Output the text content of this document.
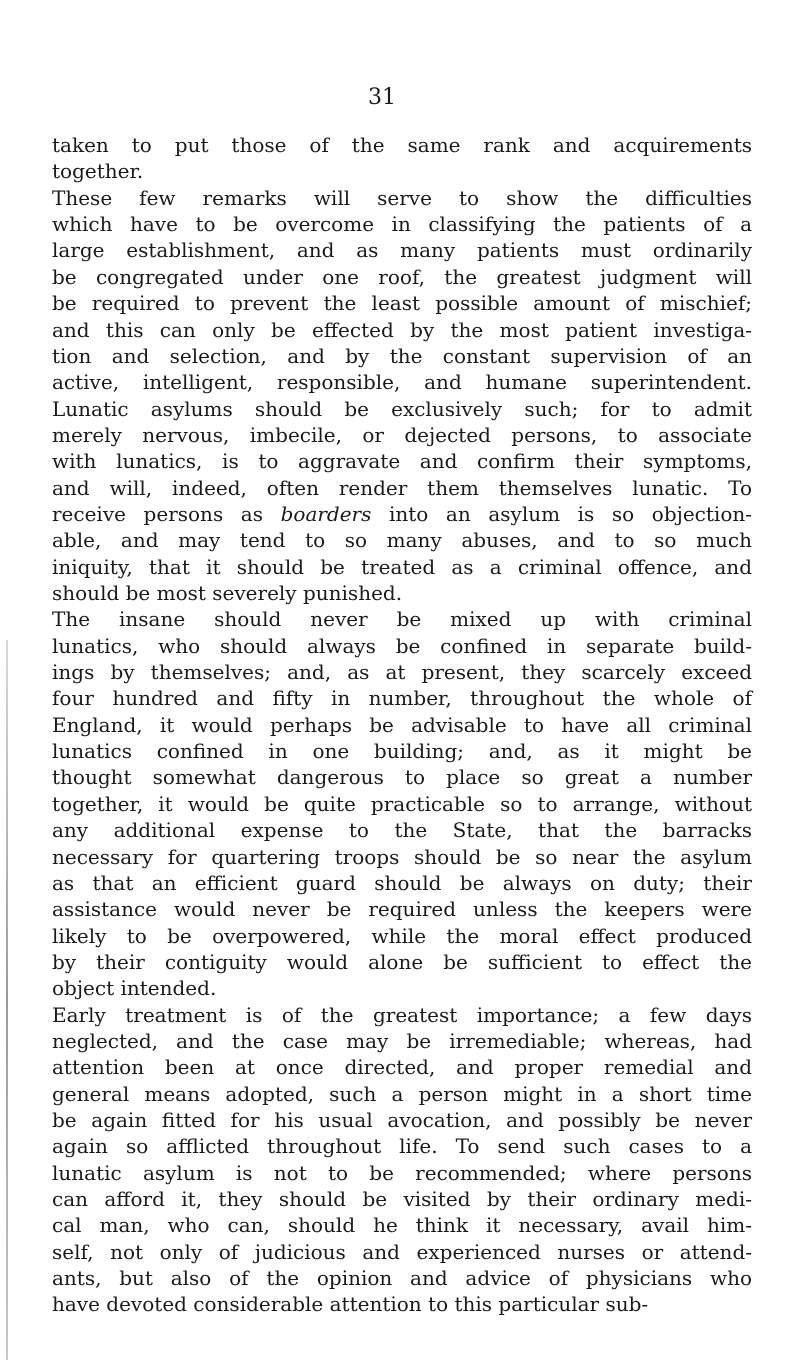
31
taken to put those of the same rank and acquirements
together.
These few remarks will serve to show the difficulties
which have to be overcome in classifying the patients of a
large establishment, and as many patients must ordinarily
be congregated under one roof, the greatest judgment will
be required to prevent the least possible amount of mischief;
and this can only be effected by the most patient investiga-
tion and selection, and by the constant supervision of an
active, intelligent, responsible, and humane superintendent.
Lunatic asylums should be exclusively such; for to admit
merely nervous, imbecile, or dejected persons, to associate
with lunatics, is to aggravate and confirm their symptoms,
and will, indeed, often render them themselves lunatic. To
receive persons as boarders into an asylum is so objection-
able, and may tend to so many abuses, and to so much
iniquity, that it should be treated as a criminal offence, and
should be most severely punished.
The insane should never be mixed up with criminal
lunatics, who should always be confined in separate build-
ings by themselves; and, as at present, they scarcely exceed
four hundred and fifty in number, throughout the whole of
England, it would perhaps be advisable to have all criminal
lunatics confined in one building; and, as it might be
thought somewhat dangerous to place so great a number
together, it would be quite practicable so to arrange, without
any additional expense to the State, that the barracks
necessary for quartering troops should be so near the asylum
as that an efficient guard should be always on duty; their
assistance would never be required unless the keepers were
likely to be overpowered, while the moral effect produced
by their contiguity would alone be sufficient to effect the
object intended.
Early treatment is of the greatest importance; a few days
neglected, and the case may be irremediable; whereas, had
attention been at once directed, and proper remedial and
general means adopted, such a person might in a short time
be again fitted for his usual avocation, and possibly be never
again so afflicted throughout life. To send such cases to a
lunatic asylum is not to be recommended; where persons
can afford it, they should be visited by their ordinary medi-
cal man, who can, should he think it necessary, avail him-
self, not only of judicious and experienced nurses or attend-
ants, but also of the opinion and advice of physicians who
have devoted considerable attention to this particular sub-
